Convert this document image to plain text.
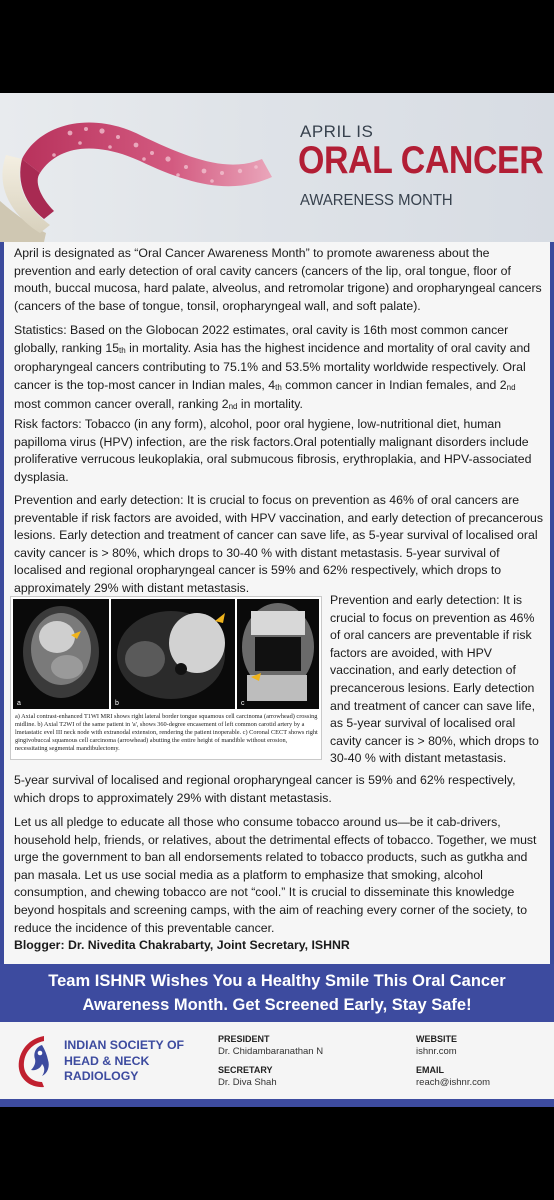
APRIL IS
ORAL CANCER
AWARENESS MONTH

April is designated as “Oral Cancer Awareness Month” to promote awareness about the prevention and early detection of oral cavity cancers (cancers of the lip, oral tongue, floor of mouth, buccal mucosa, hard palate, alveolus, and retromolar trigone) and oropharyngeal cancers (cancers of the base of tongue, tonsil, oropharyngeal wall, and soft palate).

Statistics: Based on the Globocan 2022 estimates, oral cavity is 16th most common cancer globally, ranking $15_{th}$ in mortality. Asia has the highest incidence and mortality of oral cavity and oropharyngeal cancers contributing to 75.1% and 53.5% mortality worldwide respectively. Oral cancer is the top-most cancer in Indian males, $4_{th}$ common cancer in Indian females, and $2_{nd}$ most common cancer overall, ranking $2_{nd}$ in mortality.

Risk factors: Tobacco (in any form), alcohol, poor oral hygiene, low-nutritional diet, human papilloma virus (HPV) infection, are the risk factors.Oral potentially malignant disorders include proliferative verrucous leukoplakia, oral submucous fibrosis, erythroplakia, and HPV-associated dysplasia.

Prevention and early detection: It is crucial to focus on prevention as 46% of oral cancers are preventable if risk factors are avoided, with HPV vaccination, and early detection of precancerous lesions. Early detection and treatment of cancer can save life, as 5-year survival of localised oral cavity cancer is > 80%, which drops to 30-40 % with distant metastasis. 5-year survival of localised and regional oropharyngeal cancer is 59% and 62% respectively, which drops to approximately 29% with distant metastasis.

a	b	c

a) Axial contrast-enhanced T1WI MRI shows right lateral border tongue squamous cell carcinoma (arrowhead) crossing midline. b) Axial T2WI of the same patient in 'a', shows 360-degree encasement of left common carotid artery by a lmetastatic evel III neck node with extranodal extension, rendering the patient inoperable. c) Coronal CECT shows right gingivobuccal squamous cell carcinoma (arrowhead) abutting the entire height of mandible without erosion, necessitating segmental mandibulectomy.

Prevention and early detection: It is crucial to focus on prevention as 46% of oral cancers are preventable if risk factors are avoided, with HPV vaccination, and early detection of precancerous lesions. Early detection and treatment of cancer can save life, as 5-year survival of localised oral cavity cancer is > 80%, which drops to 30-40 % with distant metastasis.

5-year survival of localised and regional oropharyngeal cancer is 59% and 62% respectively, which drops to approximately 29% with distant metastasis.

Let us all pledge to educate all those who consume tobacco around us—be it cab-drivers, household help, friends, or relatives, about the detrimental effects of tobacco. Together, we must urge the government to ban all endorsements related to tobacco products, such as gutkha and pan masala. Let us use social media as a platform to emphasize that smoking, alcohol consumption, and chewing tobacco are not “cool.” It is crucial to disseminate this knowledge beyond hospitals and screening camps, with the aim of reaching every corner of the society, to reduce the incidence of this preventable cancer.

Blogger: Dr. Nivedita Chakrabarty, Joint Secretary, ISHNR

Team ISHNR Wishes You a Healthy Smile This Oral Cancer
Awareness Month. Get Screened Early, Stay Safe!
INDIAN SOCIETY OF
HEAD & NECK
RADIOLOGY
PRESIDENT
Dr. Chidambaranathan N
SECRETARY
Dr. Diva Shah
WEBSITE
ishnr.com
EMAIL
reach@ishnr.com
